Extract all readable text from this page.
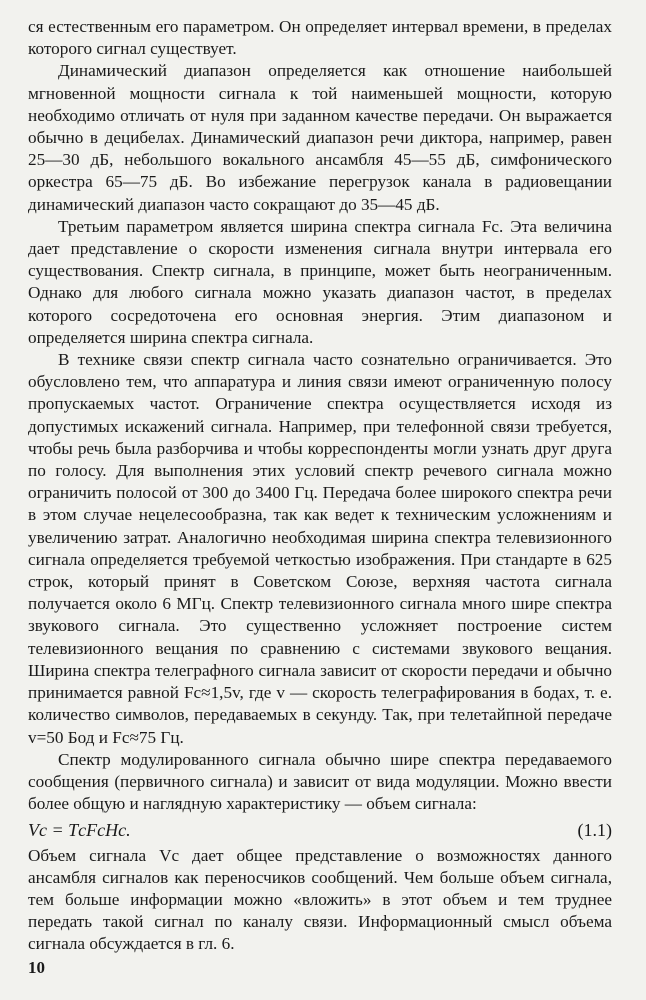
ся естественным его параметром. Он определяет интервал времени, в пределах которого сигнал существует.

Динамический диапазон определяется как отношение наибольшей мгновенной мощности сигнала к той наименьшей мощности, которую необходимо отличать от нуля при заданном качестве передачи. Он выражается обычно в децибелах. Динамический диапазон речи диктора, например, равен 25—30 дБ, небольшого вокального ансамбля 45—55 дБ, симфонического оркестра 65—75 дБ. Во избежание перегрузок канала в радиовещании динамический диапазон часто сокращают до 35—45 дБ.

Третьим параметром является ширина спектра сигнала Fс. Эта величина дает представление о скорости изменения сигнала внутри интервала его существования. Спектр сигнала, в принципе, может быть неограниченным. Однако для любого сигнала можно указать диапазон частот, в пределах которого сосредоточена его основная энергия. Этим диапазоном и определяется ширина спектра сигнала.

В технике связи спектр сигнала часто сознательно ограничивается. Это обусловлено тем, что аппаратура и линия связи имеют ограниченную полосу пропускаемых частот. Ограничение спектра осуществляется исходя из допустимых искажений сигнала. Например, при телефонной связи требуется, чтобы речь была разборчива и чтобы корреспонденты могли узнать друг друга по голосу. Для выполнения этих условий спектр речевого сигнала можно ограничить полосой от 300 до 3400 Гц. Передача более широкого спектра речи в этом случае нецелесообразна, так как ведет к техническим усложнениям и увеличению затрат. Аналогично необходимая ширина спектра телевизионного сигнала определяется требуемой четкостью изображения. При стандарте в 625 строк, который принят в Советском Союзе, верхняя частота сигнала получается около 6 МГц. Спектр телевизионного сигнала много шире спектра звукового сигнала. Это существенно усложняет построение систем телевизионного вещания по сравнению с системами звукового вещания. Ширина спектра телеграфного сигнала зависит от скорости передачи и обычно принимается равной Fс≈1,5v, где v — скорость телеграфирования в бодах, т. е. количество символов, передаваемых в секунду. Так, при телетайпной передаче v=50 Бод и Fс≈75 Гц.

Спектр модулированного сигнала обычно шире спектра передаваемого сообщения (первичного сигнала) и зависит от вида модуляции. Можно ввести более общую и наглядную характеристику — объем сигнала:

Vс = TсFсHс.	(1.1)

Объем сигнала Vс дает общее представление о возможностях данного ансамбля сигналов как переносчиков сообщений. Чем больше объем сигнала, тем больше информации можно «вложить» в этот объем и тем труднее передать такой сигнал по каналу связи. Информационный смысл объема сигнала обсуждается в гл. 6.

10
